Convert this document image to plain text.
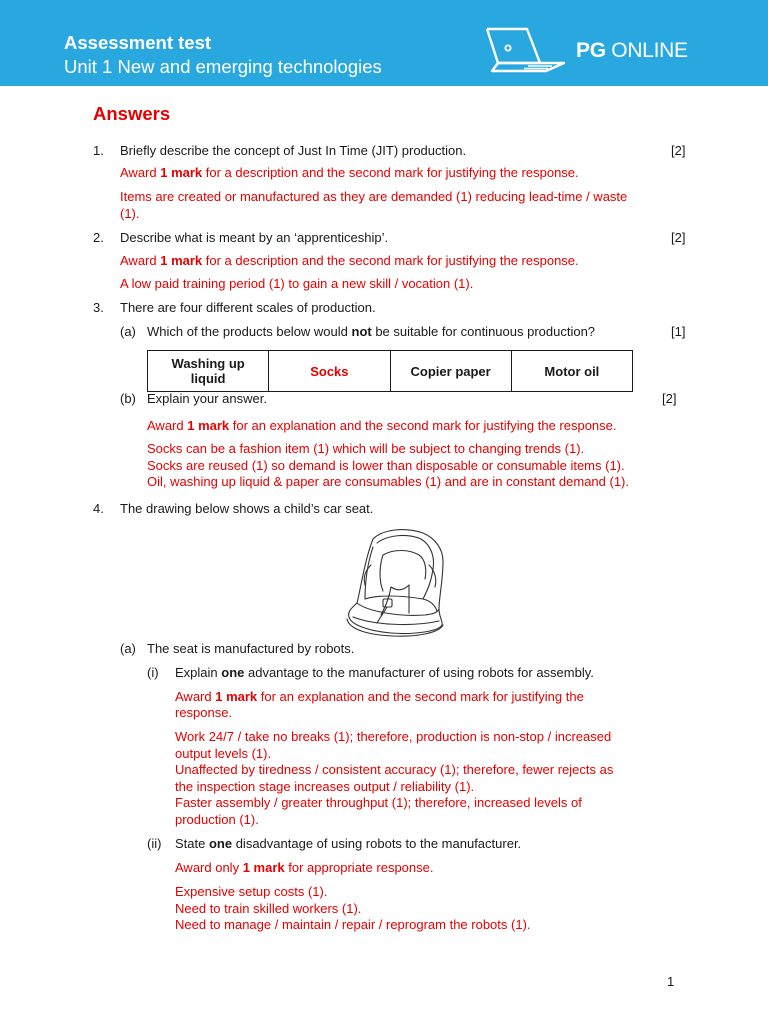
Assessment test
Unit 1 New and emerging technologies
PG ONLINE
Answers
1. Briefly describe the concept of Just In Time (JIT) production.	[2]
Award 1 mark for a description and the second mark for justifying the response.
Items are created or manufactured as they are demanded (1) reducing lead-time / waste
(1).
2. Describe what is meant by an ‘apprenticeship’.	[2]
Award 1 mark for a description and the second mark for justifying the response.
A low paid training period (1) to gain a new skill / vocation (1).
3. There are four different scales of production.
(a) Which of the products below would not be suitable for continuous production?	[1]
Washing up liquid	Socks	Copier paper	Motor oil
(b) Explain your answer.	[2]
Award 1 mark for an explanation and the second mark for justifying the response.
Socks can be a fashion item (1) which will be subject to changing trends (1).
Socks are reused (1) so demand is lower than disposable or consumable items (1).
Oil, washing up liquid & paper are consumables (1) and are in constant demand (1).
4. The drawing below shows a child’s car seat.
(a) The seat is manufactured by robots.
(i) Explain one advantage to the manufacturer of using robots for assembly.
Award 1 mark for an explanation and the second mark for justifying the
response.
Work 24/7 / take no breaks (1); therefore, production is non-stop / increased
output levels (1).
Unaffected by tiredness / consistent accuracy (1); therefore, fewer rejects as
the inspection stage increases output / reliability (1).
Faster assembly / greater throughput (1); therefore, increased levels of
production (1).
(ii) State one disadvantage of using robots to the manufacturer.
Award only 1 mark for appropriate response.
Expensive setup costs (1).
Need to train skilled workers (1).
Need to manage / maintain / repair / reprogram the robots (1).
1
